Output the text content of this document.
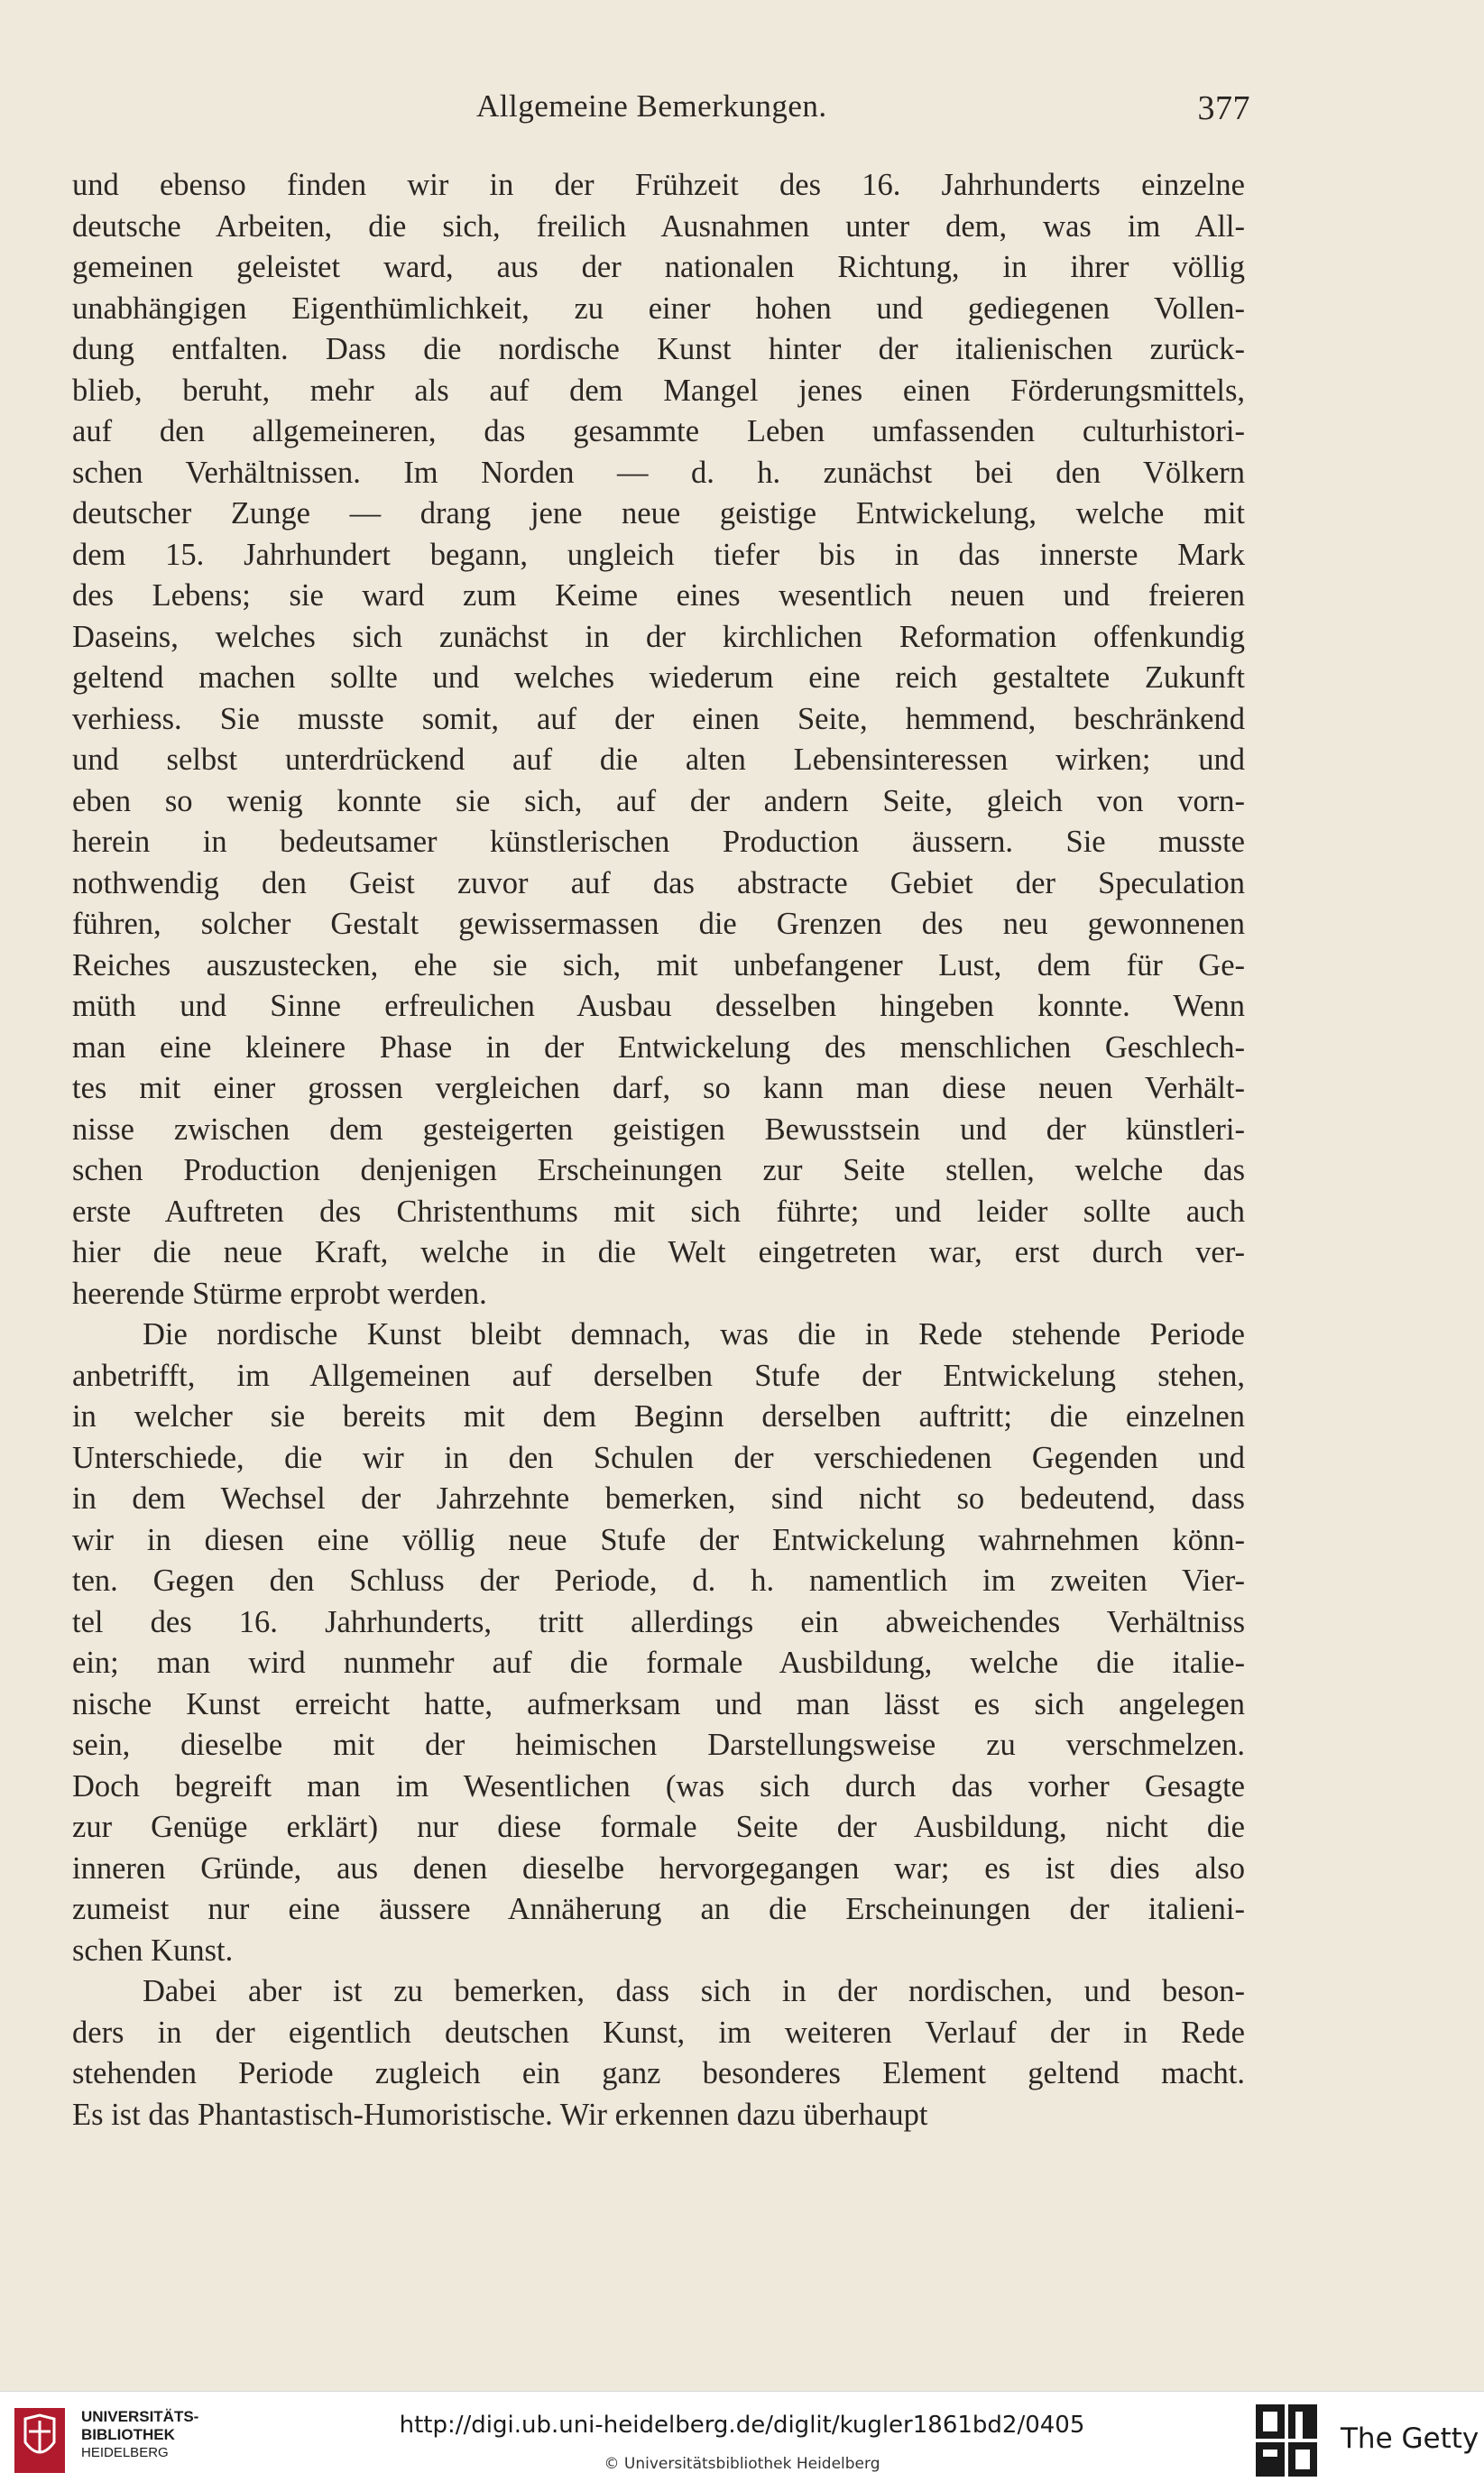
Allgemeine Bemerkungen.	377

und ebenso finden wir in der Frühzeit des 16. Jahrhunderts einzelne

deutsche Arbeiten, die sich, freilich Ausnahmen unter dem, was im All-

gemeinen geleistet ward, aus der nationalen Richtung, in ihrer völlig

unabhängigen Eigenthümlichkeit, zu einer hohen und gediegenen Vollen-

dung entfalten. Dass die nordische Kunst hinter der italienischen zurück-

blieb, beruht, mehr als auf dem Mangel jenes einen Förderungsmittels,

auf den allgemeineren, das gesammte Leben umfassenden culturhistori-

schen Verhältnissen. Im Norden — d. h. zunächst bei den Völkern

deutscher Zunge — drang jene neue geistige Entwickelung, welche mit

dem 15. Jahrhundert begann, ungleich tiefer bis in das innerste Mark

des Lebens; sie ward zum Keime eines wesentlich neuen und freieren

Daseins, welches sich zunächst in der kirchlichen Reformation offenkundig

geltend machen sollte und welches wiederum eine reich gestaltete Zukunft

verhiess. Sie musste somit, auf der einen Seite, hemmend, beschränkend

und selbst unterdrückend auf die alten Lebensinteressen wirken; und

eben so wenig konnte sie sich, auf der andern Seite, gleich von vorn-

herein in bedeutsamer künstlerischen Production äussern. Sie musste

nothwendig den Geist zuvor auf das abstracte Gebiet der Speculation

führen, solcher Gestalt gewissermassen die Grenzen des neu gewonnenen

Reiches auszustecken, ehe sie sich, mit unbefangener Lust, dem für Ge-

müth und Sinne erfreulichen Ausbau desselben hingeben konnte. Wenn

man eine kleinere Phase in der Entwickelung des menschlichen Geschlech-

tes mit einer grossen vergleichen darf, so kann man diese neuen Verhält-

nisse zwischen dem gesteigerten geistigen Bewusstsein und der künstleri-

schen Production denjenigen Erscheinungen zur Seite stellen, welche das

erste Auftreten des Christenthums mit sich führte; und leider sollte auch

hier die neue Kraft, welche in die Welt eingetreten war, erst durch ver-

heerende Stürme erprobt werden.

Die nordische Kunst bleibt demnach, was die in Rede stehende Periode

anbetrifft, im Allgemeinen auf derselben Stufe der Entwickelung stehen,

in welcher sie bereits mit dem Beginn derselben auftritt; die einzelnen

Unterschiede, die wir in den Schulen der verschiedenen Gegenden und

in dem Wechsel der Jahrzehnte bemerken, sind nicht so bedeutend, dass

wir in diesen eine völlig neue Stufe der Entwickelung wahrnehmen könn-

ten. Gegen den Schluss der Periode, d. h. namentlich im zweiten Vier-

tel des 16. Jahrhunderts, tritt allerdings ein abweichendes Verhältniss

ein; man wird nunmehr auf die formale Ausbildung, welche die italie-

nische Kunst erreicht hatte, aufmerksam und man lässt es sich angelegen

sein, dieselbe mit der heimischen Darstellungsweise zu verschmelzen.

Doch begreift man im Wesentlichen (was sich durch das vorher Gesagte

zur Genüge erklärt) nur diese formale Seite der Ausbildung, nicht die

inneren Gründe, aus denen dieselbe hervorgegangen war; es ist dies also

zumeist nur eine äussere Annäherung an die Erscheinungen der italieni-

schen Kunst.

Dabei aber ist zu bemerken, dass sich in der nordischen, und beson-

ders in der eigentlich deutschen Kunst, im weiteren Verlauf der in Rede

stehenden Periode zugleich ein ganz besonderes Element geltend macht.

Es ist das Phantastisch-Humoristische. Wir erkennen dazu überhaupt

UNIVERSITÄTS-
BIBLIOTHEK
HEIDELBERG
http://digi.ub.uni-heidelberg.de/diglit/kugler1861bd2/0405
© Universitätsbibliothek Heidelberg
The Getty
